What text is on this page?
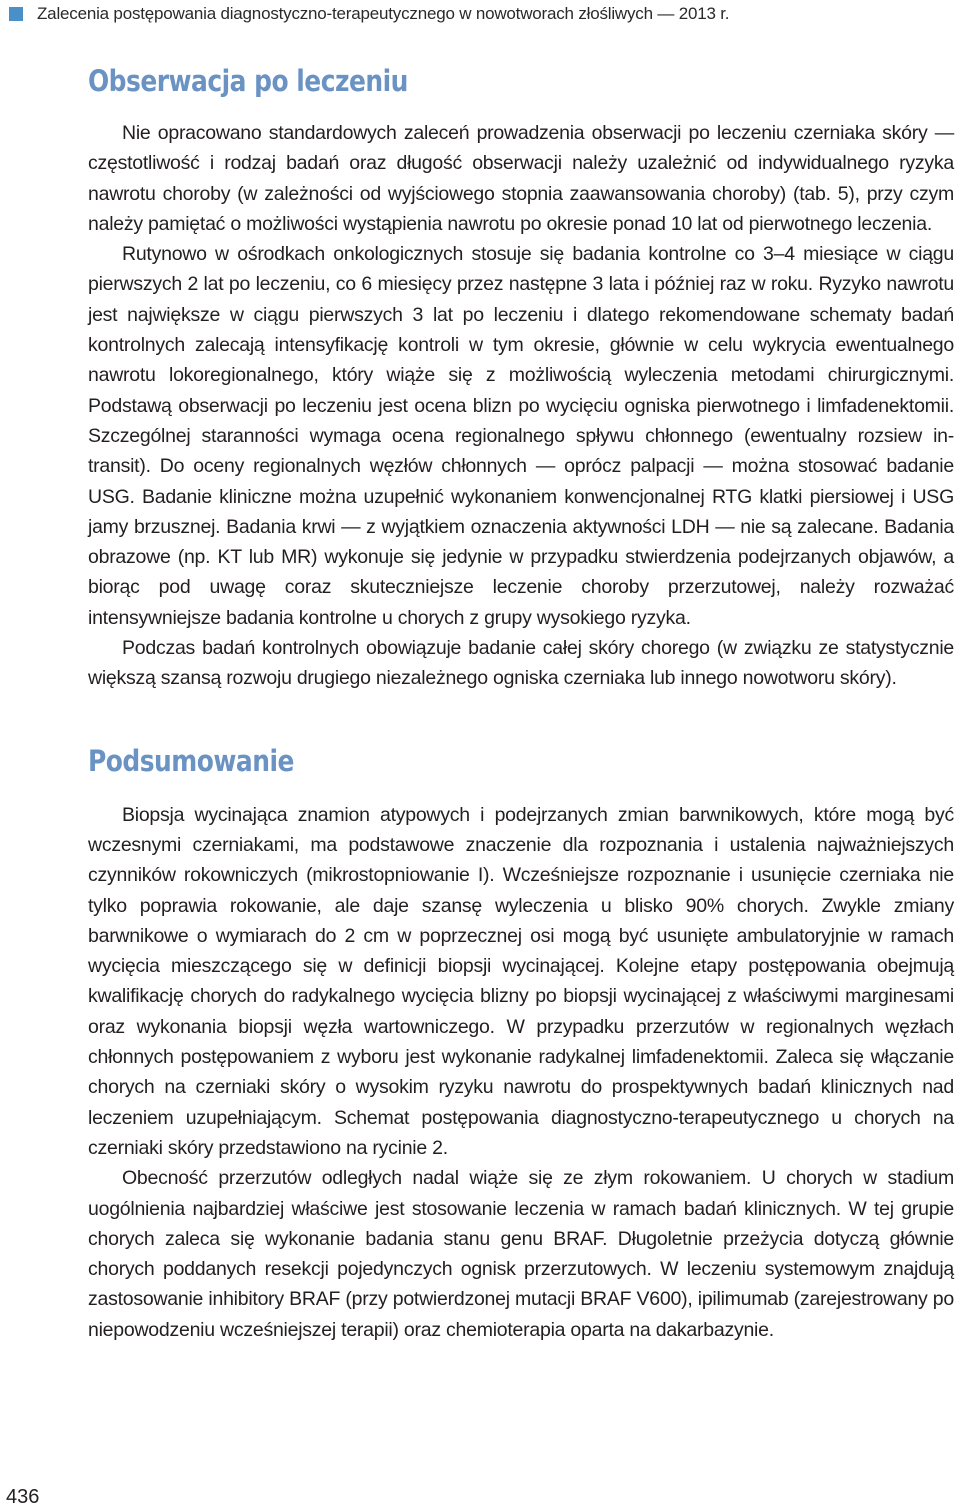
Zalecenia postępowania diagnostyczno-terapeutycznego w nowotworach złośliwych — 2013 r.
Obserwacja po leczeniu

Nie opracowano standardowych zaleceń prowadzenia obserwacji po leczeniu czerniaka skóry — częstotliwość i rodzaj badań oraz długość obserwacji należy uzależnić od indywidualnego ryzyka nawrotu choroby (w zależności od wyjściowego stopnia zaawansowania choroby) (tab. 5), przy czym należy pamiętać o możliwości wystąpienia nawrotu po okresie ponad 10 lat od pierwotnego leczenia.

Rutynowo w ośrodkach onkologicznych stosuje się badania kontrolne co 3–4 miesiące w ciągu pierwszych 2 lat po leczeniu, co 6 miesięcy przez następne 3 lata i później raz w roku. Ryzyko nawrotu jest największe w ciągu pierwszych 3 lat po leczeniu i dlatego rekomendowane schematy badań kontrolnych zalecają intensyfikację kontroli w tym okresie, głównie w celu wykrycia ewentualnego nawrotu lokoregionalnego, który wiąże się z możliwością wyleczenia metodami chirurgicznymi. Podstawą obserwacji po leczeniu jest ocena blizn po wycięciu ogniska pierwotnego i limfadenektomii. Szczególnej staranności wymaga ocena regionalnego spływu chłonnego (ewentualny rozsiew in-transit). Do oceny regionalnych węzłów chłonnych — oprócz palpacji — można stosować badanie USG. Badanie kliniczne można uzupełnić wykonaniem konwencjonalnej RTG klatki piersiowej i USG jamy brzusznej. Badania krwi — z wyjątkiem oznaczenia aktywności LDH — nie są zalecane. Badania obrazowe (np. KT lub MR) wykonuje się jedynie w przypadku stwierdzenia podejrzanych objawów, a biorąc pod uwagę coraz skuteczniejsze leczenie choroby przerzutowej, należy rozważać intensywniejsze badania kontrolne u chorych z grupy wysokiego ryzyka.

Podczas badań kontrolnych obowiązuje badanie całej skóry chorego (w związku ze statystycznie większą szansą rozwoju drugiego niezależnego ogniska czerniaka lub innego nowotworu skóry).

Podsumowanie

Biopsja wycinająca znamion atypowych i podejrzanych zmian barwnikowych, które mogą być wczesnymi czerniakami, ma podstawowe znaczenie dla rozpoznania i ustalenia najważniejszych czynników rokowniczych (mikrostopniowanie I). Wcześniejsze rozpoznanie i usunięcie czerniaka nie tylko poprawia rokowanie, ale daje szansę wyleczenia u blisko 90% chorych. Zwykle zmiany barwnikowe o wymiarach do 2 cm w poprzecznej osi mogą być usunięte ambulatoryjnie w ramach wycięcia mieszczącego się w definicji biopsji wycinającej. Kolejne etapy postępowania obejmują kwalifikację chorych do radykalnego wycięcia blizny po biopsji wycinającej z właściwymi marginesami oraz wykonania biopsji węzła wartowniczego. W przypadku przerzutów w regionalnych węzłach chłonnych postępowaniem z wyboru jest wykonanie radykalnej limfadenektomii. Zaleca się włączanie chorych na czerniaki skóry o wysokim ryzyku nawrotu do prospektywnych badań klinicznych nad leczeniem uzupełniającym. Schemat postępowania diagnostyczno-terapeutycznego u chorych na czerniaki skóry przedstawiono na rycinie 2.

Obecność przerzutów odległych nadal wiąże się ze złym rokowaniem. U chorych w stadium uogólnienia najbardziej właściwe jest stosowanie leczenia w ramach badań klinicznych. W tej grupie chorych zaleca się wykonanie badania stanu genu BRAF. Długoletnie przeżycia dotyczą głównie chorych poddanych resekcji pojedynczych ognisk przerzutowych. W leczeniu systemowym znajdują zastosowanie inhibitory BRAF (przy potwierdzonej mutacji BRAF V600), ipilimumab (zarejestrowany po niepowodzeniu wcześniejszej terapii) oraz chemioterapia oparta na dakarbazynie.

436
